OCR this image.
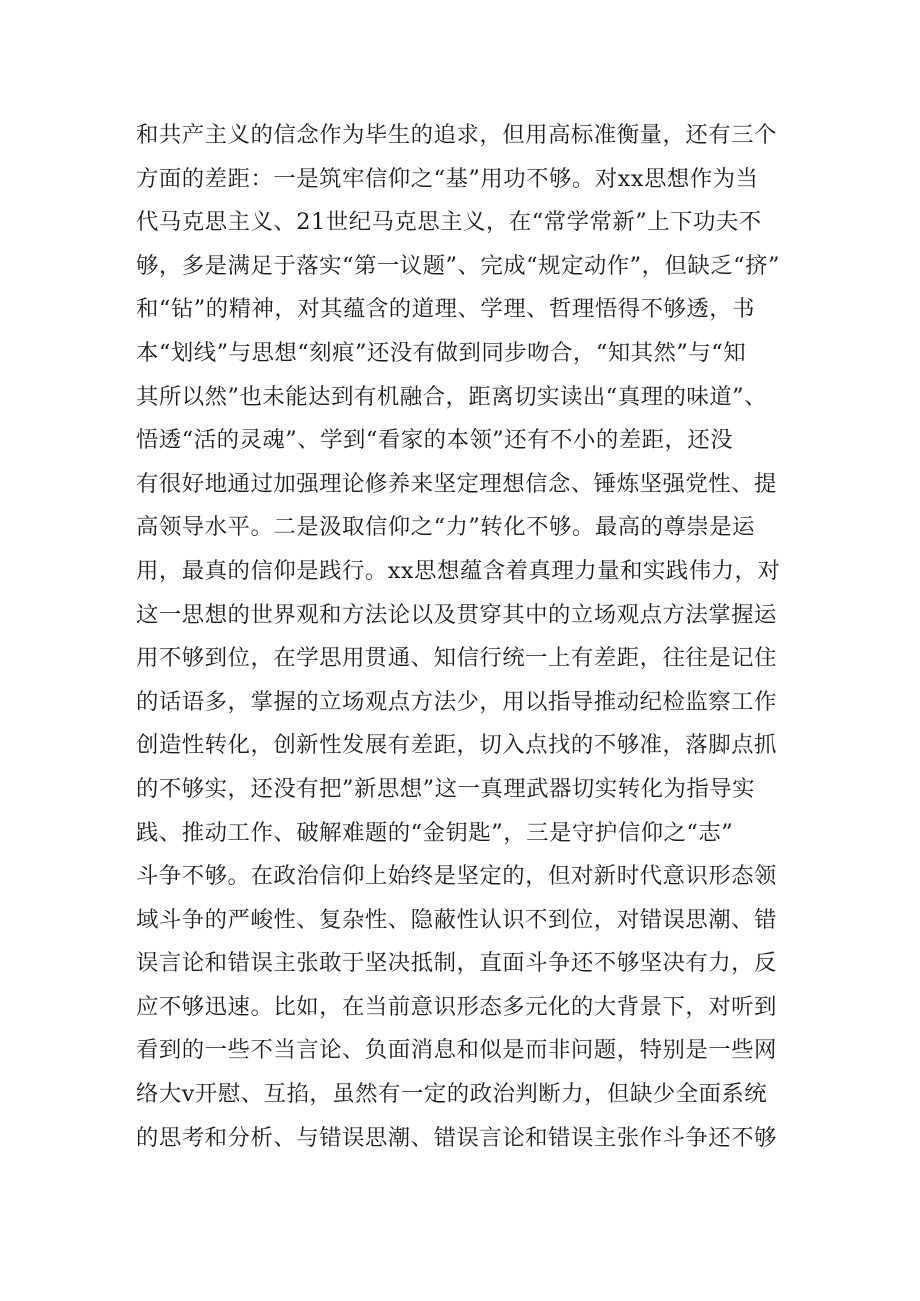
和共产主义的信念作为毕生的追求，但用高标准衡量，还有三个
方面的差距：一是筑牢信仰之“基”用功不够。对xx思想作为当
代马克思主义、21世纪马克思主义，在“常学常新”上下功夫不
够，多是满足于落实“第一议题”、完成“规定动作”，但缺乏“挤”
和“钻”的精神，对其蕴含的道理、学理、哲理悟得不够透，书
本“划线”与思想“刻痕”还没有做到同步吻合，“知其然”与“知
其所以然”也未能达到有机融合，距离切实读出“真理的味道”、
悟透“活的灵魂”、学到“看家的本领”还有不小的差距，还没
有很好地通过加强理论修养来坚定理想信念、锤炼坚强党性、提
高领导水平。二是汲取信仰之“力”转化不够。最高的尊崇是运
用，最真的信仰是践行。xx思想蕴含着真理力量和实践伟力，对
这一思想的世界观和方法论以及贯穿其中的立场观点方法掌握运
用不够到位，在学思用贯通、知信行统一上有差距，往往是记住
的话语多，掌握的立场观点方法少，用以指导推动纪检监察工作
创造性转化，创新性发展有差距，切入点找的不够准，落脚点抓
的不够实，还没有把”新思想”这一真理武器切实转化为指导实
践、推动工作、破解难题的“金钥匙”，三是守护信仰之“志”
斗争不够。在政治信仰上始终是坚定的，但对新时代意识形态领
域斗争的严峻性、复杂性、隐蔽性认识不到位，对错误思潮、错
误言论和错误主张敢于坚决抵制，直面斗争还不够坚决有力，反
应不够迅速。比如，在当前意识形态多元化的大背景下，对听到
看到的一些不当言论、负面消息和似是而非问题，特别是一些网
络大v开慰、互掐，虽然有一定的政治判断力，但缺少全面系统
的思考和分析、与错误思潮、错误言论和错误主张作斗争还不够
